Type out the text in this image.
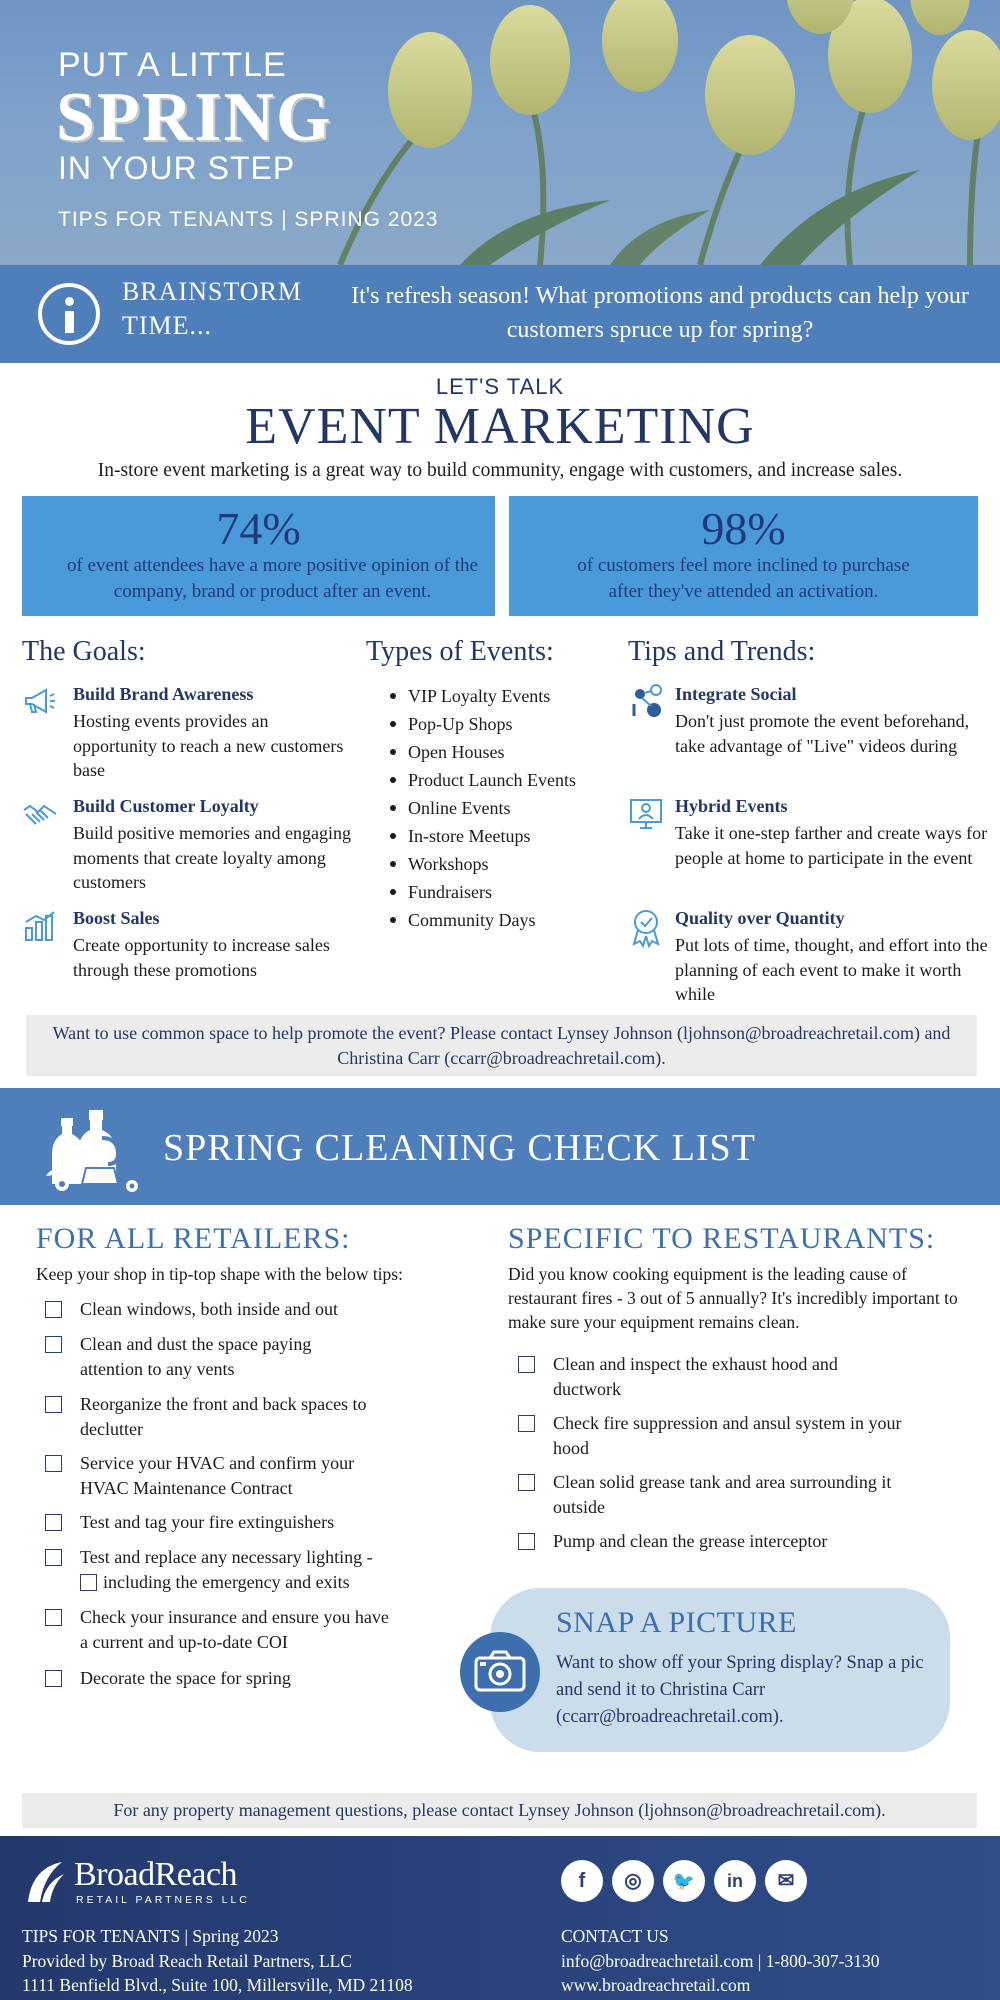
PUT A LITTLE
SPRING
IN YOUR STEP
TIPS FOR TENANTS | SPRING 2023
BRAINSTORM TIME...
It's refresh season! What promotions and products can help your customers spruce up for spring?
LET'S TALK
EVENT MARKETING
In-store event marketing is a great way to build community, engage with customers, and increase sales.
74%
of event attendees have a more positive opinion of the company, brand or product after an event.
98%
of customers feel more inclined to purchase after they've attended an activation.
The Goals:
Build Brand Awareness
Hosting events provides an opportunity to reach a new customers base
Build Customer Loyalty
Build positive memories and engaging moments that create loyalty among customers
Boost Sales
Create opportunity to increase sales through these promotions
Types of Events:
VIP Loyalty Events
Pop-Up Shops
Open Houses
Product Launch Events
Online Events
In-store Meetups
Workshops
Fundraisers
Community Days
Tips and Trends:
Integrate Social
Don't just promote the event beforehand, take advantage of "Live" videos during
Hybrid Events
Take it one-step farther and create ways for people at home to participate in the event
Quality over Quantity
Put lots of time, thought, and effort into the planning of each event to make it worth while
Want to use common space to help promote the event? Please contact Lynsey Johnson (ljohnson@broadreachretail.com) and Christina Carr (ccarr@broadreachretail.com).
SPRING CLEANING CHECK LIST
FOR ALL RETAILERS:
Keep your shop in tip-top shape with the below tips:
Clean windows, both inside and out
Clean and dust the space paying attention to any vents
Reorganize the front and back spaces to declutter
Service your HVAC and confirm your HVAC Maintenance Contract
Test and tag your fire extinguishers
Test and replace any necessary lighting -
including the emergency and exits
Check your insurance and ensure you have a current and up-to-date COI
Decorate the space for spring
SPECIFIC TO RESTAURANTS:
Did you know cooking equipment is the leading cause of restaurant fires - 3 out of 5 annually? It's incredibly important to make sure your equipment remains clean.
Clean and inspect the exhaust hood and ductwork
Check fire suppression and ansul system in your hood
Clean solid grease tank and area surrounding it outside
Pump and clean the grease interceptor
SNAP A PICTURE
Want to show off your Spring display? Snap a pic and send it to Christina Carr (ccarr@broadreachretail.com).
For any property management questions, please contact Lynsey Johnson (ljohnson@broadreachretail.com).
BroadReach
RETAIL PARTNERS LLC
TIPS FOR TENANTS | Spring 2023
Provided by Broad Reach Retail Partners, LLC
1111 Benfield Blvd., Suite 100, Millersville, MD 21108
f	◎	🐦	in	✉
CONTACT US
info@broadreachretail.com | 1-800-307-3130
www.broadreachretail.com
